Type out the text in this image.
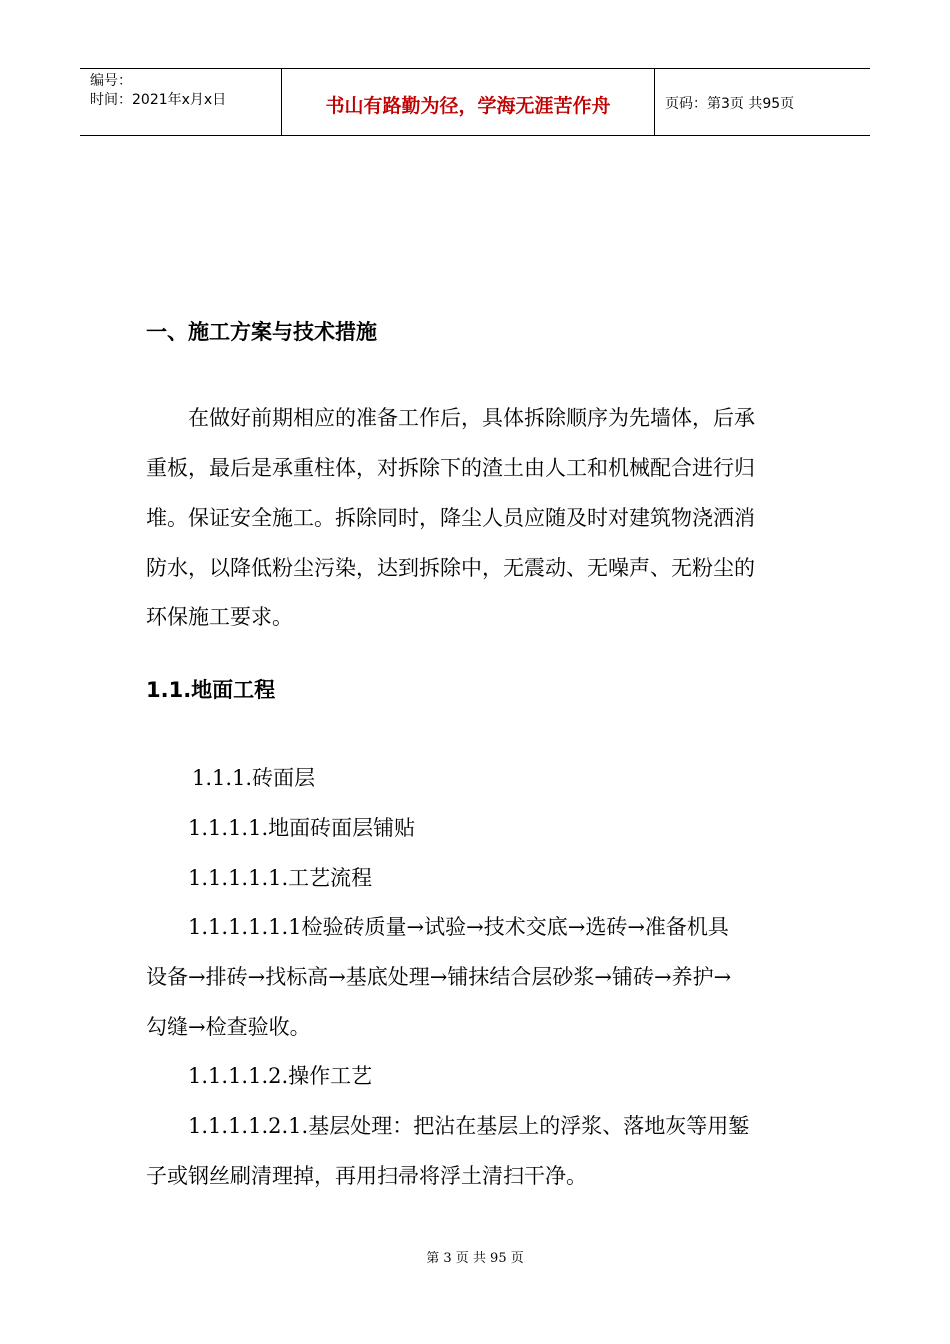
编号：
时间：2021年x月x日	书山有路勤为径，学海无涯苦作舟	页码：第3页 共95页
一、施工方案与技术措施
在做好前期相应的准备工作后，具体拆除顺序为先墙体，后承
重板，最后是承重柱体，对拆除下的渣土由人工和机械配合进行归
堆。保证安全施工。拆除同时，降尘人员应随及时对建筑物浇洒消
防水，以降低粉尘污染，达到拆除中，无震动、无噪声、无粉尘的
环保施工要求。
1.1.地面工程
1.1.1.砖面层
1.1.1.1.地面砖面层铺贴
1.1.1.1.1.工艺流程
1.1.1.1.1.1检验砖质量→试验→技术交底→选砖→准备机具
设备→排砖→找标高→基底处理→铺抹结合层砂浆→铺砖→养护→
勾缝→检查验收。
1.1.1.1.2.操作工艺
1.1.1.1.2.1.基层处理：把沾在基层上的浮浆、落地灰等用錾
子或钢丝刷清理掉，再用扫帚将浮土清扫干净。
第 3 页 共 95 页
